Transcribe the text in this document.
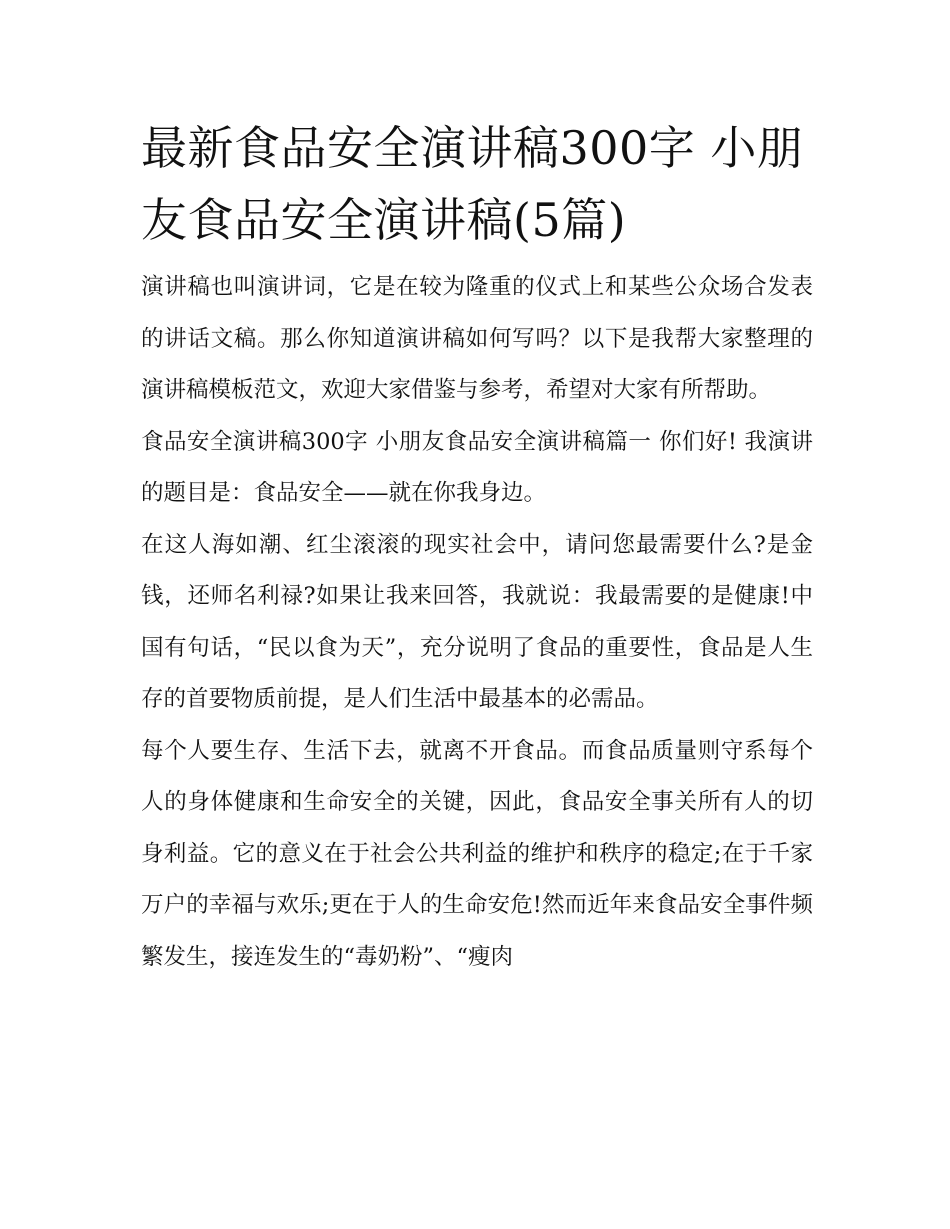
最新食品安全演讲稿300字 小朋友食品安全演讲稿(5篇)

演讲稿也叫演讲词，它是在较为隆重的仪式上和某些公众场合发表的讲话文稿。那么你知道演讲稿如何写吗？以下是我帮大家整理的演讲稿模板范文，欢迎大家借鉴与参考，希望对大家有所帮助。

食品安全演讲稿300字 小朋友食品安全演讲稿篇一 你们好! 我演讲的题目是：食品安全——就在你我身边。

在这人海如潮、红尘滚滚的现实社会中，请问您最需要什么?是金钱，还师名利禄?如果让我来回答，我就说：我最需要的是健康!中国有句话，“民以食为天”，充分说明了食品的重要性，食品是人生存的首要物质前提，是人们生活中最基本的必需品。

每个人要生存、生活下去，就离不开食品。而食品质量则守系每个人的身体健康和生命安全的关键，因此，食品安全事关所有人的切身利益。它的意义在于社会公共利益的维护和秩序的稳定;在于千家万户的幸福与欢乐;更在于人的生命安危!然而近年来食品安全事件频繁发生，接连发生的“毒奶粉”、“瘦肉
